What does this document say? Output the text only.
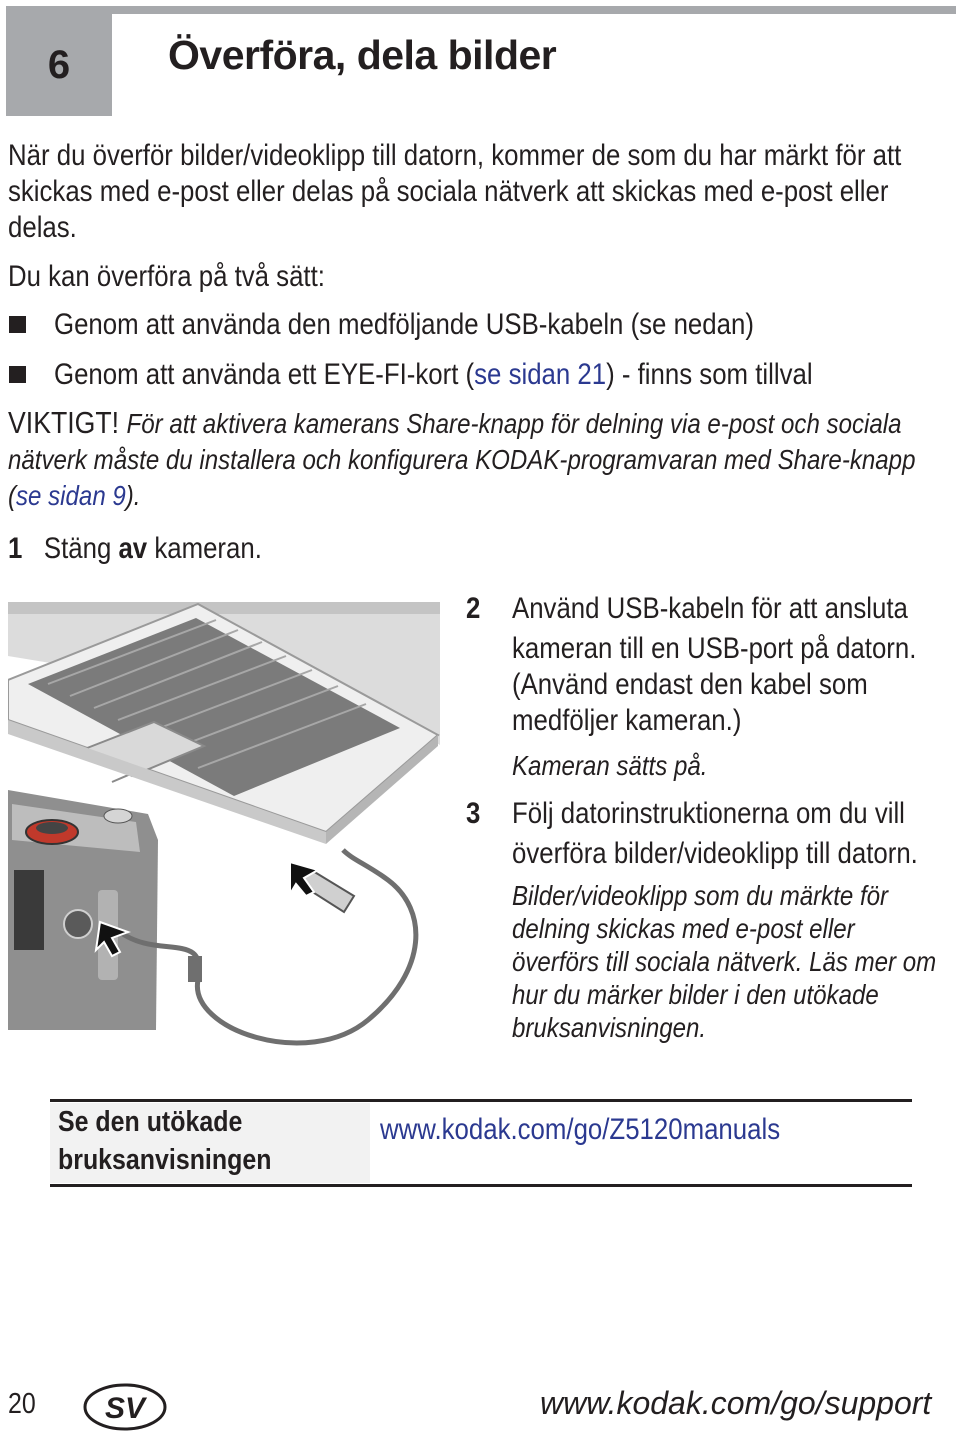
6 Överföra, dela bilder
När du överför bilder/videoklipp till datorn, kommer de som du har märkt för att
skickas med e-post eller delas på sociala nätverk att skickas med e-post eller
delas.
Du kan överföra på två sätt:
Genom att använda den medföljande USB-kabeln (se nedan)
Genom att använda ett EYE-FI-kort (se sidan 21) - finns som tillval
VIKTIGT! För att aktivera kamerans Share-knapp för delning via e-post och sociala
nätverk måste du installera och konfigurera KODAK-programvaran med Share-knapp
(se sidan 9).
1 Stäng av kameran.
2 Använd USB-kabeln för att ansluta
kameran till en USB-port på datorn.
(Använd endast den kabel som
medföljer kameran.)
Kameran sätts på.
3 Följ datorinstruktionerna om du vill
överföra bilder/videoklipp till datorn.
Bilder/videoklipp som du märkte för
delning skickas med e-post eller
överförs till sociala nätverk. Läs mer om
hur du märker bilder i den utökade
bruksanvisningen.
Se den utökade
bruksanvisningen
www.kodak.com/go/Z5120manuals
20 SV	www.kodak.com/go/support
